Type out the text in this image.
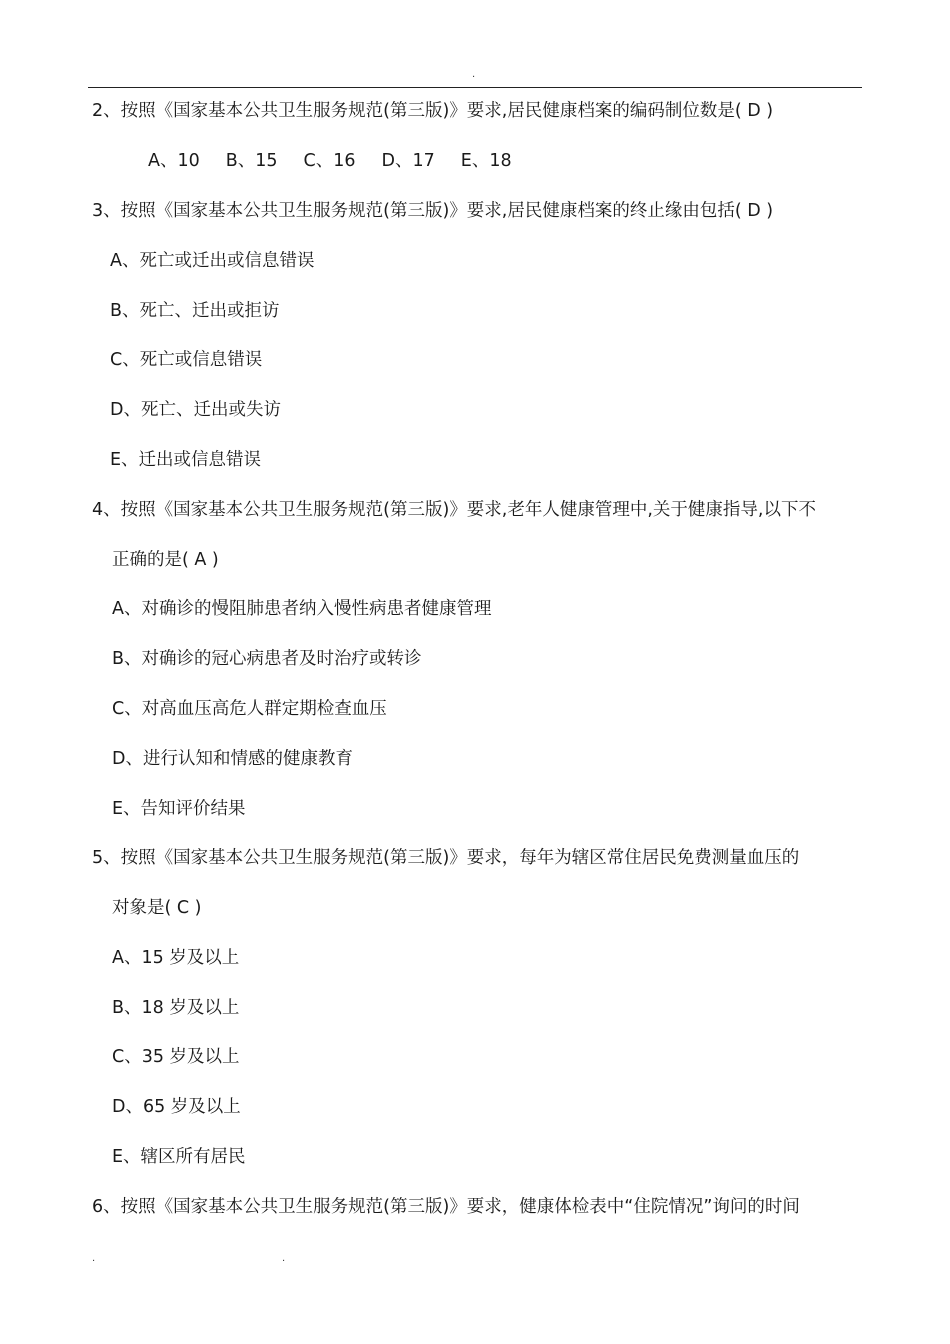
.
2、按照《国家基本公共卫生服务规范(第三版)》要求,居民健康档案的编码制位数是( D )
A、10 B、15 C、16 D、17 E、18
3、按照《国家基本公共卫生服务规范(第三版)》要求,居民健康档案的终止缘由包括( D )
A、死亡或迁出或信息错误
B、死亡、迁出或拒访
C、死亡或信息错误
D、死亡、迁出或失访
E、迁出或信息错误
4、按照《国家基本公共卫生服务规范(第三版)》要求,老年人健康管理中,关于健康指导,以下不
正确的是( A )
A、对确诊的慢阻肺患者纳入慢性病患者健康管理
B、对确诊的冠心病患者及时治疗或转诊
C、对高血压高危人群定期检查血压
D、进行认知和情感的健康教育
E、告知评价结果
5、按照《国家基本公共卫生服务规范(第三版)》要求，每年为辖区常住居民免费测量血压的
对象是( C )
A、15 岁及以上
B、18 岁及以上
C、35 岁及以上
D、65 岁及以上
E、辖区所有居民
6、按照《国家基本公共卫生服务规范(第三版)》要求，健康体检表中“住院情况”询问的时间
.	.
